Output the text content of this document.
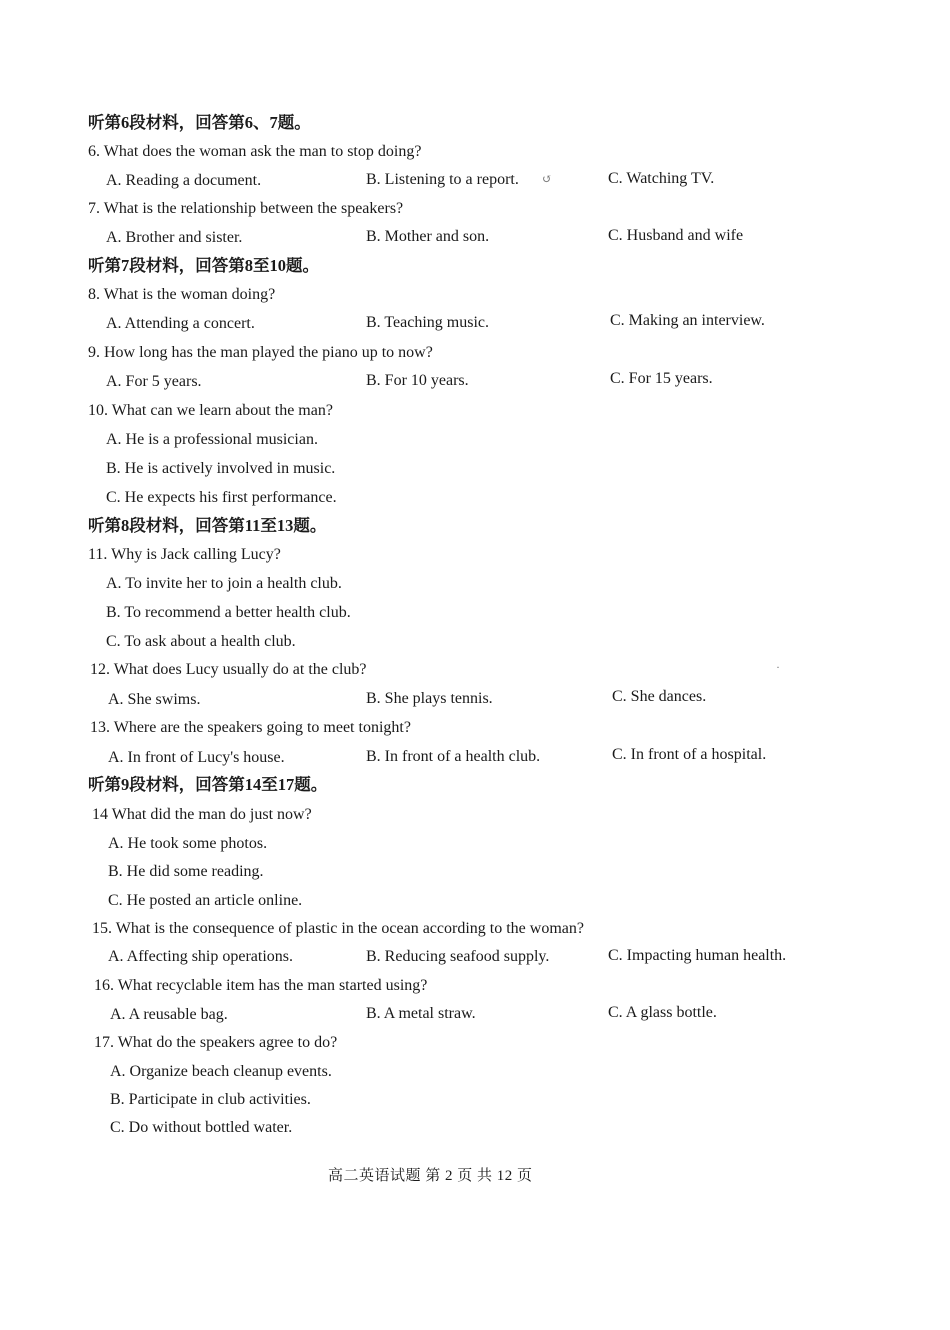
听第6段材料，回答第6、7题。
6. What does the woman ask the man to stop doing?
A. Reading a document.	B. Listening to a report. ↺	C. Watching TV.
7. What is the relationship between the speakers?
A. Brother and sister.	B. Mother and son.	C. Husband and wife
听第7段材料，回答第8至10题。
8. What is the woman doing?
A. Attending a concert.	B. Teaching music.	C. Making an interview.
9. How long has the man played the piano up to now?
A. For 5 years.	B. For 10 years.	C. For 15 years.
10. What can we learn about the man?
A. He is a professional musician.
B. He is actively involved in music.
C. He expects his first performance.
听第8段材料，回答第11至13题。
11. Why is Jack calling Lucy?
A. To invite her to join a health club.
B. To recommend a better health club.
C. To ask about a health club.
12. What does Lucy usually do at the club?
A. She swims.	B. She plays tennis.	C. She dances.
·
13. Where are the speakers going to meet tonight?
A. In front of Lucy's house.	B. In front of a health club.	C. In front of a hospital.
听第9段材料，回答第14至17题。
14 What did the man do just now?
A. He took some photos.
B. He did some reading.
C. He posted an article online.
15. What is the consequence of plastic in the ocean according to the woman?
A. Affecting ship operations.	B. Reducing seafood supply.	C. Impacting human health.
16. What recyclable item has the man started using?
A. A reusable bag.	B. A metal straw.	C. A glass bottle.
17. What do the speakers agree to do?
A. Organize beach cleanup events.
B. Participate in club activities.
C. Do without bottled water.
高二英语试题 第 2 页 共 12 页
